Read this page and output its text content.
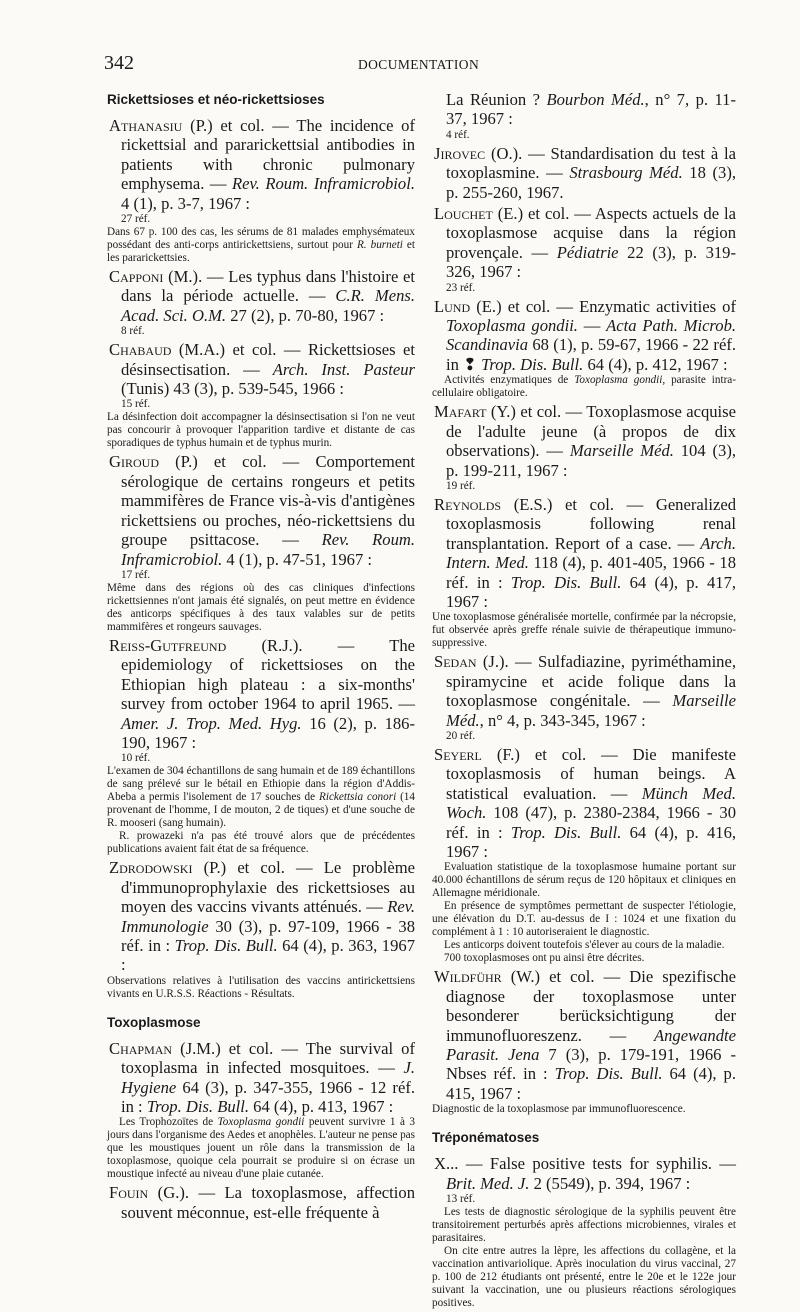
342	DOCUMENTATION
Rickettsioses et néo-rickettsioses
Athanasiu (P.) et col. — The incidence of rickettsial and pararickettsial antibodies in patients with chronic pulmonary emphysema. — Rev. Roum. Inframicrobiol. 4 (1), p. 3-7, 1967 :
27 réf.
Dans 67 p. 100 des cas, les sérums de 81 malades emphysémateux possédant des anti-corps antirickettsiens, surtout pour R. burneti et les pararickettsies.
Capponi (M.). — Les typhus dans l'histoire et dans la période actuelle. — C.R. Mens. Acad. Sci. O.M. 27 (2), p. 70-80, 1967 :
8 réf.
Chabaud (M.A.) et col. — Rickettsioses et désinsectisation. — Arch. Inst. Pasteur (Tunis) 43 (3), p. 539-545, 1966 :
15 réf.
La désinfection doit accompagner la désinsectisation si l'on ne veut pas concourir à provoquer l'apparition tardive et distante de cas sporadiques de typhus humain et de typhus murin.
Giroud (P.) et col. — Comportement sérologique de certains rongeurs et petits mammifères de France vis-à-vis d'antigènes rickettsiens ou proches, néo-rickettsiens du groupe psittacose. — Rev. Roum. Inframicrobiol. 4 (1), p. 47-51, 1967 :
17 réf.
Même dans des régions où des cas cliniques d'infections rickettsiennes n'ont jamais été signalés, on peut mettre en évidence des anticorps spécifiques à des taux valables sur de petits mammifères et rongeurs sauvages.
Reiss-Gutfreund (R.J.). — The epidemiology of rickettsioses on the Ethiopian high plateau : a six-months' survey from october 1964 to april 1965. — Amer. J. Trop. Med. Hyg. 16 (2), p. 186-190, 1967 :
10 réf.
L'examen de 304 échantillons de sang humain et de 189 échantillons de sang prélevé sur le bétail en Ethiopie dans la région d'Addis-Abeba a permis l'isolement de 17 souches de Rickettsia conori (14 provenant de l'homme, I de mouton, 2 de tiques) et d'une souche de R. mooseri (sang humain).
R. prowazeki n'a pas été trouvé alors que de précédentes publications avaient fait état de sa fréquence.
Zdrodowski (P.) et col. — Le problème d'immunoprophylaxie des rickettsioses au moyen des vaccins vivants atténués. — Rev. Immunologie 30 (3), p. 97-109, 1966 - 38 réf. in : Trop. Dis. Bull. 64 (4), p. 363, 1967 :
Observations relatives à l'utilisation des vaccins antirickettsiens vivants en U.R.S.S. Réactions - Résultats.
Toxoplasmose
Chapman (J.M.) et col. — The survival of toxoplasma in infected mosquitoes. — J. Hygiene 64 (3), p. 347-355, 1966 - 12 réf. in : Trop. Dis. Bull. 64 (4), p. 413, 1967 :
Les Trophozoïtes de Toxoplasma gondii peuvent survivre 1 à 3 jours dans l'organisme des Aedes et anophèles. L'auteur ne pense pas que les moustiques jouent un rôle dans la transmission de la toxoplasmose, quoique cela pourrait se produire si on écrase un moustique infecté au niveau d'une plaie cutanée.
Fouin (G.). — La toxoplasmose, affection souvent méconnue, est-elle fréquente à
La Réunion ? Bourbon Méd., n° 7, p. 11-37, 1967 :
4 réf.
Jirovec (O.). — Standardisation du test à la toxoplasmine. — Strasbourg Méd. 18 (3), p. 255-260, 1967.
Louchet (E.) et col. — Aspects actuels de la toxoplasmose acquise dans la région provençale. — Pédiatrie 22 (3), p. 319-326, 1967 :
23 réf.
Lund (E.) et col. — Enzymatic activities of Toxoplasma gondii. — Acta Path. Microb. Scandinavia 68 (1), p. 59-67, 1966 - 22 réf. in ❢ Trop. Dis. Bull. 64 (4), p. 412, 1967 :
Activités enzymatiques de Toxoplasma gondii, parasite intra-cellulaire obligatoire.
Mafart (Y.) et col. — Toxoplasmose acquise de l'adulte jeune (à propos de dix observations). — Marseille Méd. 104 (3), p. 199-211, 1967 :
19 réf.
Reynolds (E.S.) et col. — Generalized toxoplasmosis following renal transplantation. Report of a case. — Arch. Intern. Med. 118 (4), p. 401-405, 1966 - 18 réf. in : Trop. Dis. Bull. 64 (4), p. 417, 1967 :
Une toxoplasmose généralisée mortelle, confirmée par la nécropsie, fut observée après greffe rénale suivie de thérapeutique immuno-suppressive.
Sedan (J.). — Sulfadiazine, pyriméthamine, spiramycine et acide folique dans la toxoplasmose congénitale. — Marseille Méd., n° 4, p. 343-345, 1967 :
20 réf.
Seyerl (F.) et col. — Die manifeste toxoplasmosis of human beings. A statistical evaluation. — Münch Med. Woch. 108 (47), p. 2380-2384, 1966 - 30 réf. in : Trop. Dis. Bull. 64 (4), p. 416, 1967 :
Evaluation statistique de la toxoplasmose humaine portant sur 40.000 échantillons de sérum reçus de 120 hôpitaux et cliniques en Allemagne méridionale.
En présence de symptômes permettant de suspecter l'étiologie, une élévation du D.T. au-dessus de I : 1024 et une fixation du complément à 1 : 10 autoriseraient le diagnostic.
Les anticorps doivent toutefois s'élever au cours de la maladie.
700 toxoplasmoses ont pu ainsi être décrites.
Wildführ (W.) et col. — Die spezifische diagnose der toxoplasmose unter besonderer berücksichtigung der immunofluoreszenz. — Angewandte Parasit. Jena 7 (3), p. 179-191, 1966 - Nbses réf. in : Trop. Dis. Bull. 64 (4), p. 415, 1967 :
Diagnostic de la toxoplasmose par immunofluorescence.
Tréponématoses
X... — False positive tests for syphilis. — Brit. Med. J. 2 (5549), p. 394, 1967 :
13 réf.
Les tests de diagnostic sérologique de la syphilis peuvent être transitoirement perturbés après affections microbiennes, virales et parasitaires.
On cite entre autres la lèpre, les affections du collagène, et la vaccination antivariolique. Après inoculation du virus vaccinal, 27 p. 100 de 212 étudiants ont présenté, entre le 20e et le 122e jour suivant la vaccination, une ou plusieurs réactions sérologiques positives.
